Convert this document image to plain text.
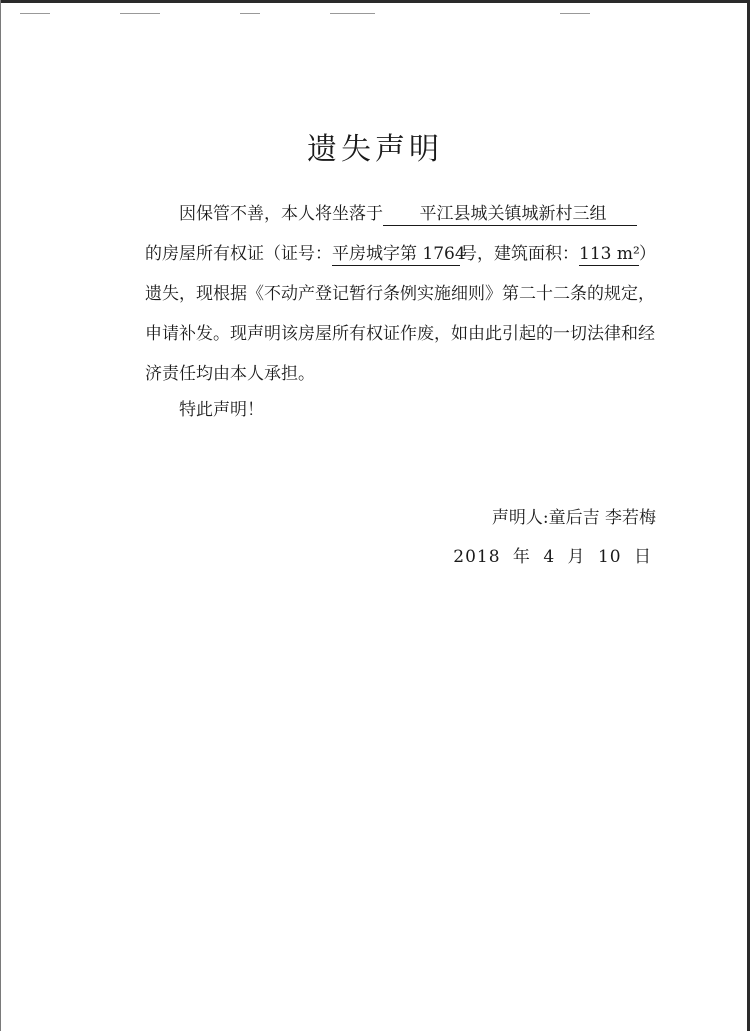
遗失声明
因保管不善，本人将坐落于 平江县城关镇城新村三组
的房屋所有权证（证号：平房城字第 1764号，建筑面积：113 m²）
遗失，现根据《不动产登记暂行条例实施细则》第二十二条的规定，
申请补发。现声明该房屋所有权证作废，如由此引起的一切法律和经
济责任均由本人承担。
特此声明！
声明人:童后吉 李若梅
2018 年 4 月 10 日
